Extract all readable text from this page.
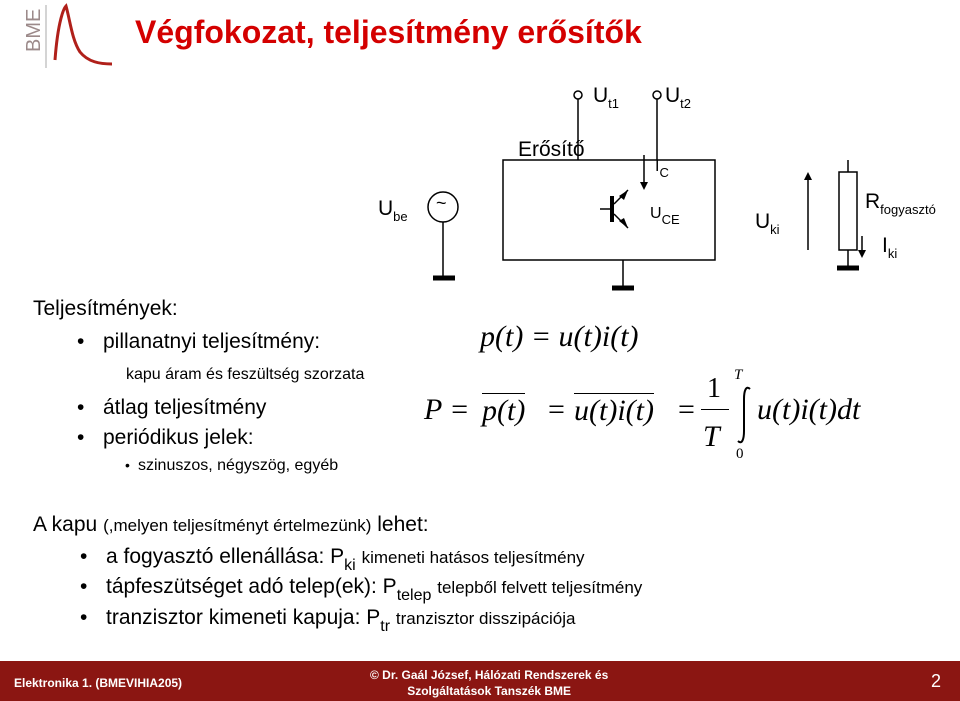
BME	Végfokozat, teljesítmény erősítők
$U_{t1}$ $U_{t2}$
Erősítő
$I_C$
$U_{be}$
~
$U_{CE}$	$U_{ki}$
$R_{fogyasztó}$
$I_{ki}$
Teljesítmények:
• pillanatnyi teljesítmény:
kapu áram és feszültség szorzata
• átlag teljesítmény
• periódikus jelek:
• szinuszos, négyszög, egyéb
p(t) = u(t)i(t)
P = p(t) = u(t)i(t) =
1
T
T
0
u(t)i(t)dt
A kapu (,melyen teljesítményt értelmezünk) lehet:
• a fogyasztó ellenállása: $P_{ki}$ kimeneti hatásos teljesítmény
• tápfeszütséget adó telep(ek): $P_{telep}$ telepből felvett teljesítmény
• tranzisztor kimeneti kapuja: $P_{tr}$ tranzisztor disszipációja
Elektronika 1. (BMEVIHIA205)
© Dr. Gaál József, Hálózati Rendszerek és
Szolgáltatások Tanszék BME	2
